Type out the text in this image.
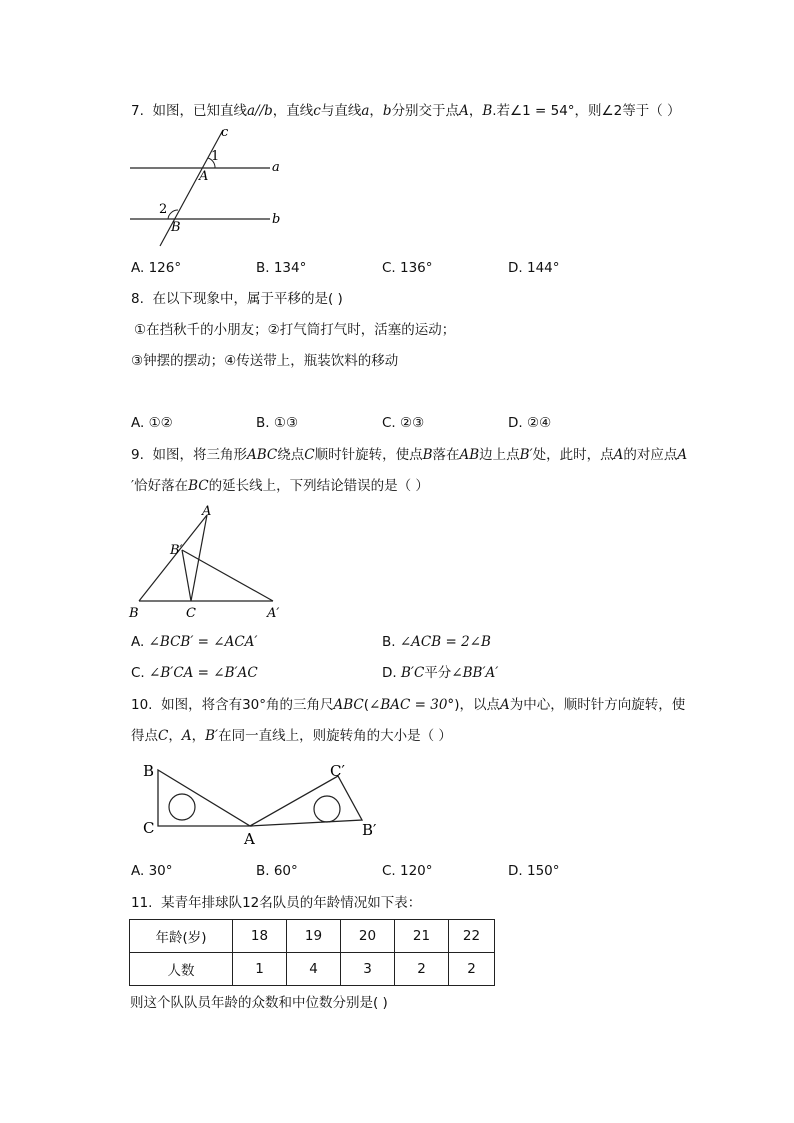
7. 如图，已知直线a//b，直线c与直线a，b分别交于点A，B.若∠1 = 54°，则∠2等于（ ）
c
1
a
A
2
b
B
A. 126°	B. 134°	C. 136°	D. 144°
8. 在以下现象中，属于平移的是( )
①在挡秋千的小朋友；②打气筒打气时，活塞的运动；
③钟摆的摆动；④传送带上，瓶装饮料的移动
A. ①②	B. ①③	C. ②③	D. ②④
9. 如图，将三角形ABC绕点C顺时针旋转，使点B落在AB边上点B′处，此时，点A的对应点A
′恰好落在BC的延长线上，下列结论错误的是（ ）
A
B′
B	C	A′
A. ∠BCB′ = ∠ACA′	B. ∠ACB = 2∠B
C. ∠B′CA = ∠B′AC	D. B′C平分∠BB′A′
10. 如图，将含有30°角的三角尺ABC(∠BAC = 30°)，以点A为中心，顺时针方向旋转，使
得点C，A，B′在同一直线上，则旋转角的大小是（ ）
B
C
A
C′
B′
A. 30°	B. 60°	C. 120°	D. 150°
11. 某青年排球队12名队员的年龄情况如下表：
年龄(岁)	18	19	20	21	22
人数	1	4	3	2	2
则这个队队员年龄的众数和中位数分别是( )
